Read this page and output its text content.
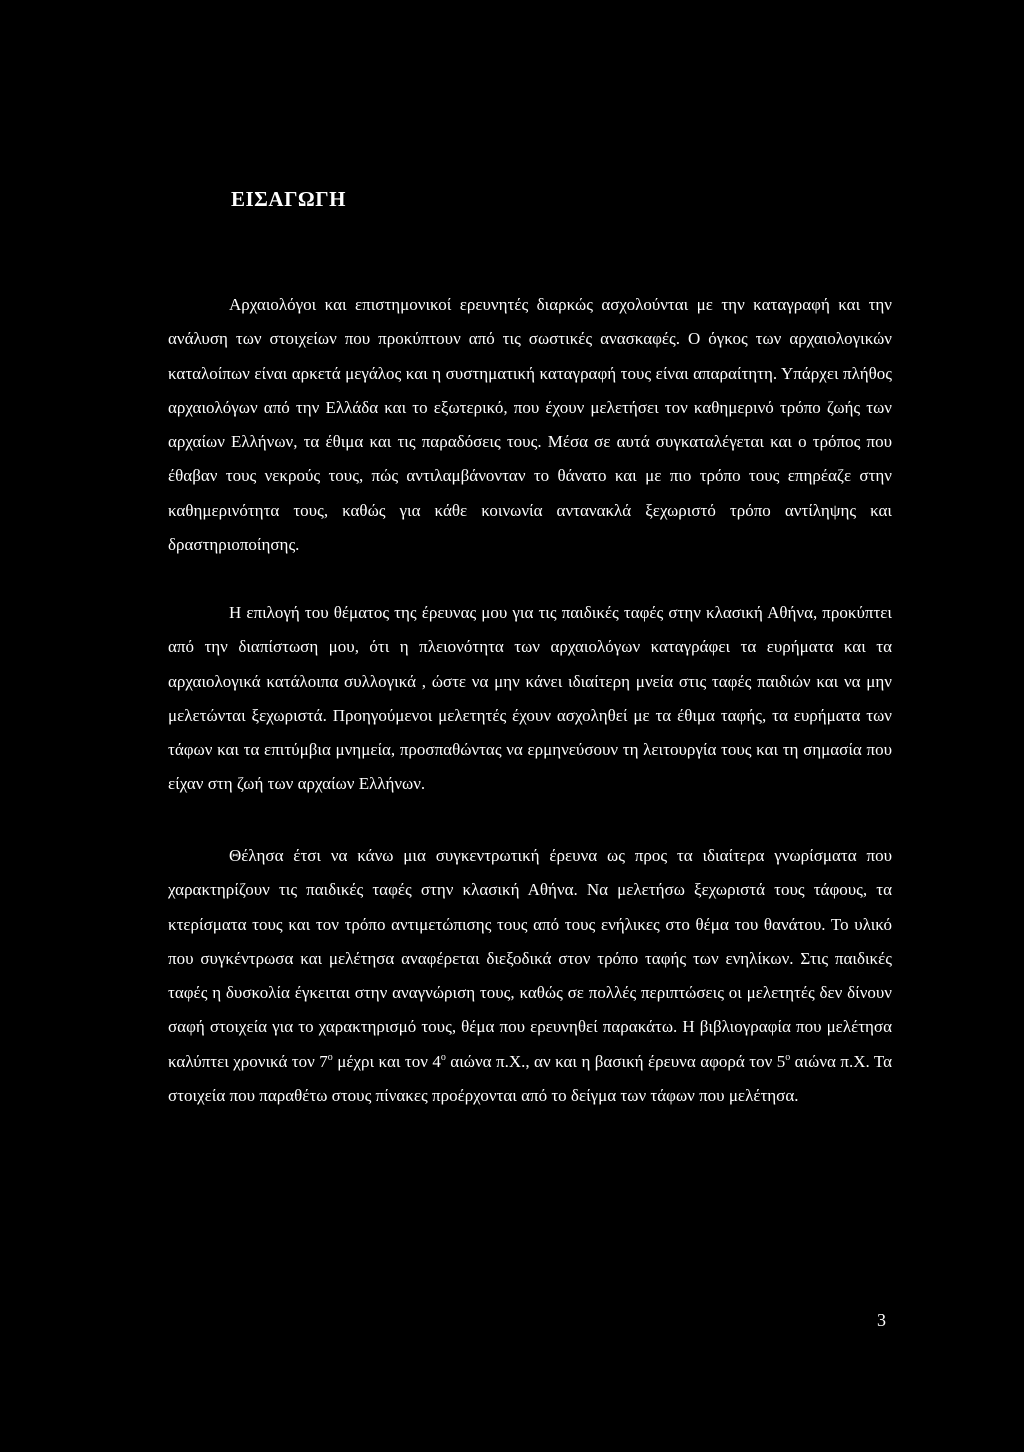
ΕΙΣΑΓΩΓΗ

Αρχαιολόγοι και επιστημονικοί ερευνητές διαρκώς ασχολούνται με την καταγραφή και την ανάλυση των στοιχείων που προκύπτουν από τις σωστικές ανασκαφές. Ο όγκος των αρχαιολογικών καταλοίπων είναι αρκετά μεγάλος και η συστηματική καταγραφή τους είναι απαραίτητη. Υπάρχει πλήθος αρχαιολόγων από την Ελλάδα και το εξωτερικό, που έχουν μελετήσει τον καθημερινό τρόπο ζωής των αρχαίων Ελλήνων, τα έθιμα και τις παραδόσεις τους. Μέσα σε αυτά συγκαταλέγεται και ο τρόπος που έθαβαν τους νεκρούς τους, πώς αντιλαμβάνονταν το θάνατο και με πιο τρόπο τους επηρέαζε στην καθημερινότητα τους, καθώς για κάθε κοινωνία αντανακλά ξεχωριστό τρόπο αντίληψης και δραστηριοποίησης.

Η επιλογή του θέματος της έρευνας μου για τις παιδικές ταφές στην κλασική Αθήνα, προκύπτει από την διαπίστωση μου, ότι η πλειονότητα των αρχαιολόγων καταγράφει τα ευρήματα και τα αρχαιολογικά κατάλοιπα συλλογικά , ώστε να μην κάνει ιδιαίτερη μνεία στις ταφές παιδιών και να μην μελετώνται ξεχωριστά. Προηγούμενοι μελετητές έχουν ασχοληθεί με τα έθιμα ταφής, τα ευρήματα των τάφων και τα επιτύμβια μνημεία, προσπαθώντας να ερμηνεύσουν τη λειτουργία τους και τη σημασία που είχαν στη ζωή των αρχαίων Ελλήνων.

Θέλησα έτσι να κάνω μια συγκεντρωτική έρευνα ως προς τα ιδιαίτερα γνωρίσματα που χαρακτηρίζουν τις παιδικές ταφές στην κλασική Αθήνα. Να μελετήσω ξεχωριστά τους τάφους, τα κτερίσματα τους και τον τρόπο αντιμετώπισης τους από τους ενήλικες στο θέμα του θανάτου. Το υλικό που συγκέντρωσα και μελέτησα αναφέρεται διεξοδικά στον τρόπο ταφής των ενηλίκων. Στις παιδικές ταφές η δυσκολία έγκειται στην αναγνώριση τους, καθώς σε πολλές περιπτώσεις οι μελετητές δεν δίνουν σαφή στοιχεία για το χαρακτηρισμό τους, θέμα που ερευνηθεί παρακάτω. Η βιβλιογραφία που μελέτησα καλύπτει χρονικά τον $7^o$ μέχρι και τον $4^o$ αιώνα π.Χ., αν και η βασική έρευνα αφορά τον $5^o$ αιώνα π.Χ. Τα στοιχεία που παραθέτω στους πίνακες προέρχονται από το δείγμα των τάφων που μελέτησα.

3
